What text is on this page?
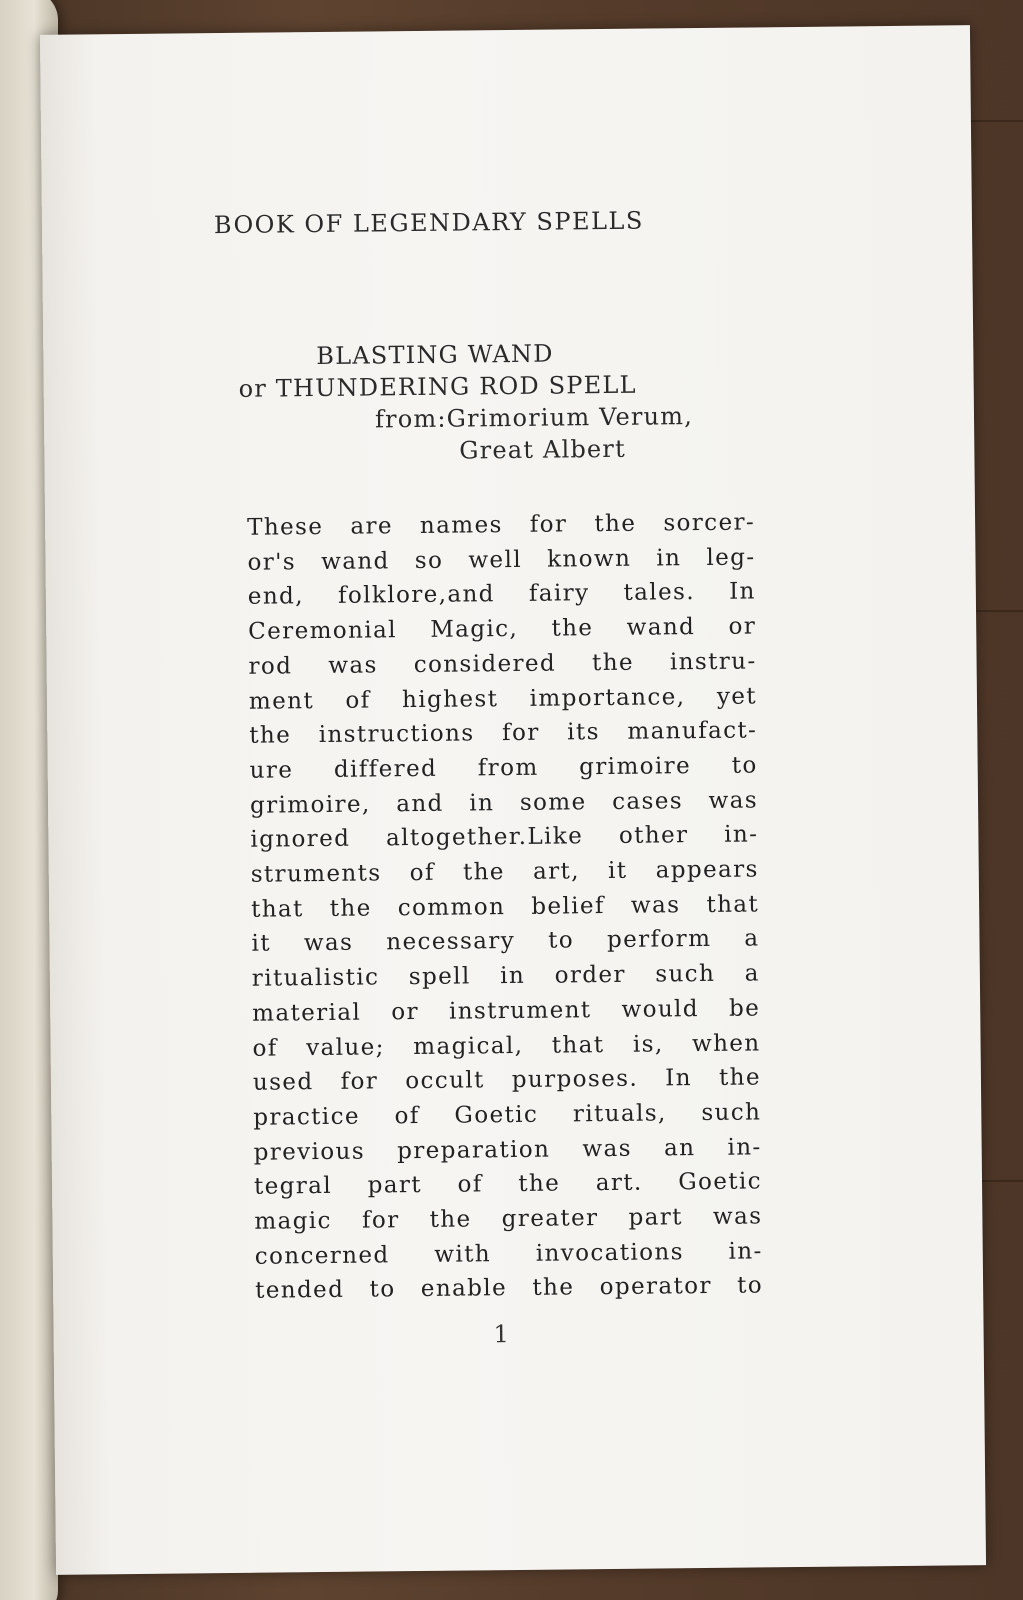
BOOK OF LEGENDARY SPELLS
BLASTING WAND
or THUNDERING ROD SPELL
from:Grimorium Verum,
Great Albert
These are names for the sorcer-
or's wand so well known in leg-
end, folklore,and fairy tales. In
Ceremonial Magic, the wand or
rod was considered the instru-
ment of highest importance, yet
the instructions for its manufact-
ure differed from grimoire to
grimoire, and in some cases was
ignored altogether.Like other in-
struments of the art, it appears
that the common belief was that
it was necessary to perform a
ritualistic spell in order such a
material or instrument would be
of value; magical, that is, when
used for occult purposes. In the
practice of Goetic rituals, such
previous preparation was an in-
tegral part of the art. Goetic
magic for the greater part was
concerned with invocations in-
tended to enable the operator to
1
